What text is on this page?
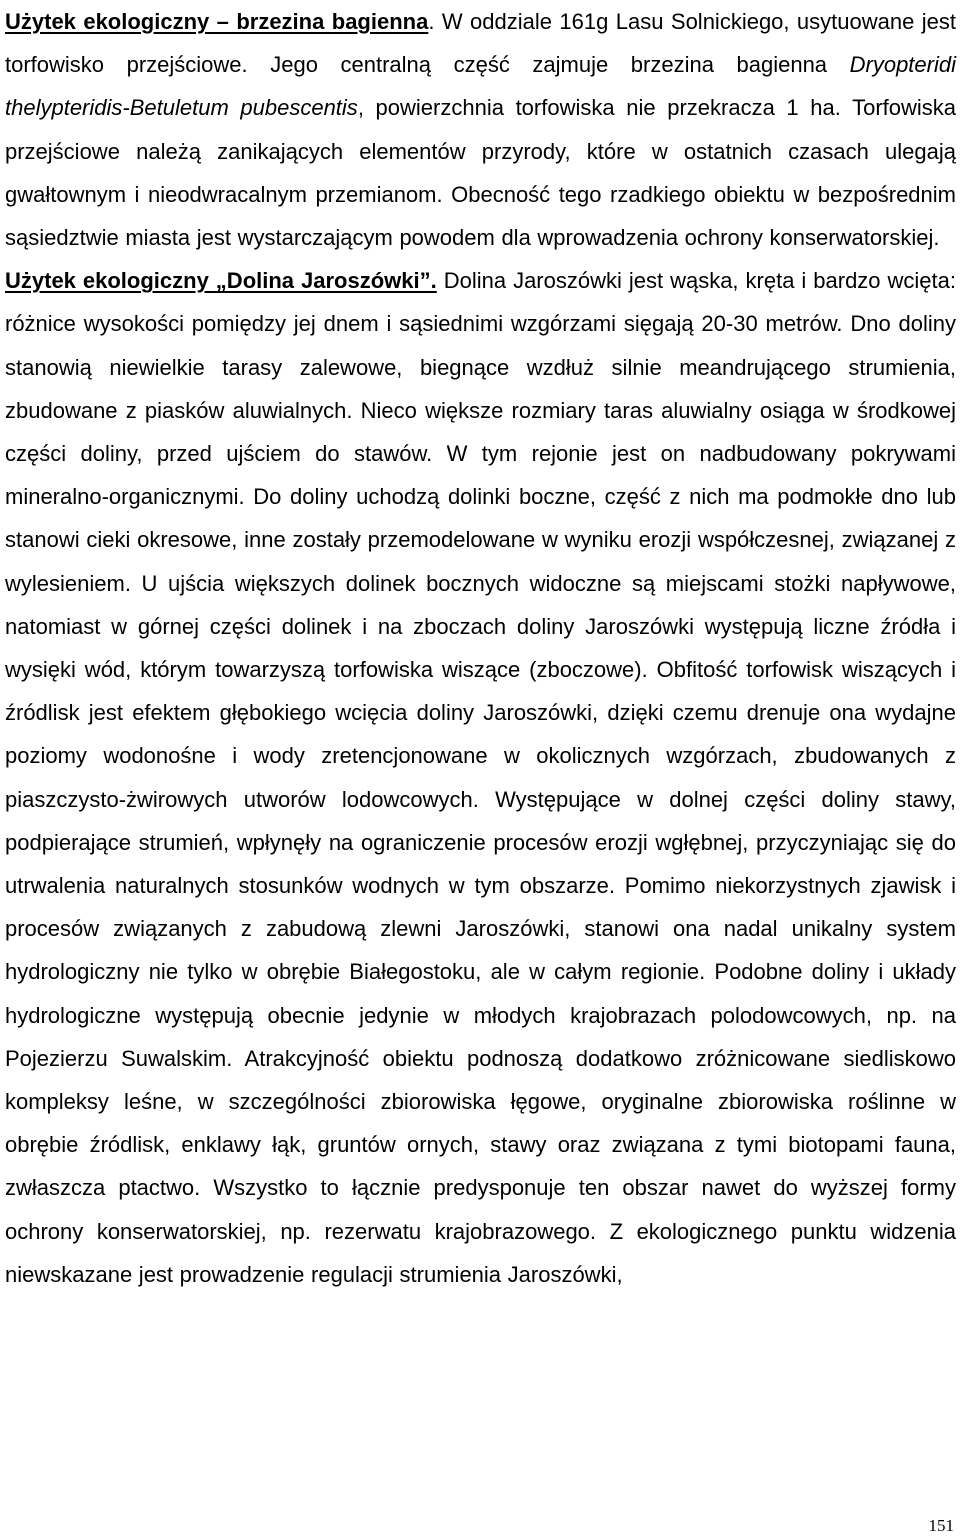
Użytek ekologiczny – brzezina bagienna. W oddziale 161g Lasu Solnickiego, usytuowane jest torfowisko przejściowe. Jego centralną część zajmuje brzezina bagienna Dryopteridi thelypteridis-Betuletum pubescentis, powierzchnia torfowiska nie przekracza 1 ha. Torfowiska przejściowe należą zanikających elementów przyrody, które w ostatnich czasach ulegają gwałtownym i nieodwracalnym przemianom. Obecność tego rzadkiego obiektu w bezpośrednim sąsiedztwie miasta jest wystarczającym powodem dla wprowadzenia ochrony konserwatorskiej.

Użytek ekologiczny „Dolina Jaroszówki”. Dolina Jaroszówki jest wąska, kręta i bardzo wcięta: różnice wysokości pomiędzy jej dnem i sąsiednimi wzgórzami sięgają 20-30 metrów. Dno doliny stanowią niewielkie tarasy zalewowe, biegnące wzdłuż silnie meandrującego strumienia, zbudowane z piasków aluwialnych. Nieco większe rozmiary taras aluwialny osiąga w środkowej części doliny, przed ujściem do stawów. W tym rejonie jest on nadbudowany pokrywami mineralno-organicznymi. Do doliny uchodzą dolinki boczne, część z nich ma podmokłe dno lub stanowi cieki okresowe, inne zostały przemodelowane w wyniku erozji współczesnej, związanej z wylesieniem. U ujścia większych dolinek bocznych widoczne są miejscami stożki napływowe, natomiast w górnej części dolinek i na zboczach doliny Jaroszówki występują liczne źródła i wysięki wód, którym towarzyszą torfowiska wiszące (zboczowe). Obfitość torfowisk wiszących i źródlisk jest efektem głębokiego wcięcia doliny Jaroszówki, dzięki czemu drenuje ona wydajne poziomy wodonośne i wody zretencjonowane w okolicznych wzgórzach, zbudowanych z piaszczysto-żwirowych utworów lodowcowych. Występujące w dolnej części doliny stawy, podpierające strumień, wpłynęły na ograniczenie procesów erozji wgłębnej, przyczyniając się do utrwalenia naturalnych stosunków wodnych w tym obszarze. Pomimo niekorzystnych zjawisk i procesów związanych z zabudową zlewni Jaroszówki, stanowi ona nadal unikalny system hydrologiczny nie tylko w obrębie Białegostoku, ale w całym regionie. Podobne doliny i układy hydrologiczne występują obecnie jedynie w młodych krajobrazach polodowcowych, np. na Pojezierzu Suwalskim. Atrakcyjność obiektu podnoszą dodatkowo zróżnicowane siedliskowo kompleksy leśne, w szczególności zbiorowiska łęgowe, oryginalne zbiorowiska roślinne w obrębie źródlisk, enklawy łąk, gruntów ornych, stawy oraz związana z tymi biotopami fauna, zwłaszcza ptactwo. Wszystko to łącznie predysponuje ten obszar nawet do wyższej formy ochrony konserwatorskiej, np. rezerwatu krajobrazowego. Z ekologicznego punktu widzenia niewskazane jest prowadzenie regulacji strumienia Jaroszówki,

151
